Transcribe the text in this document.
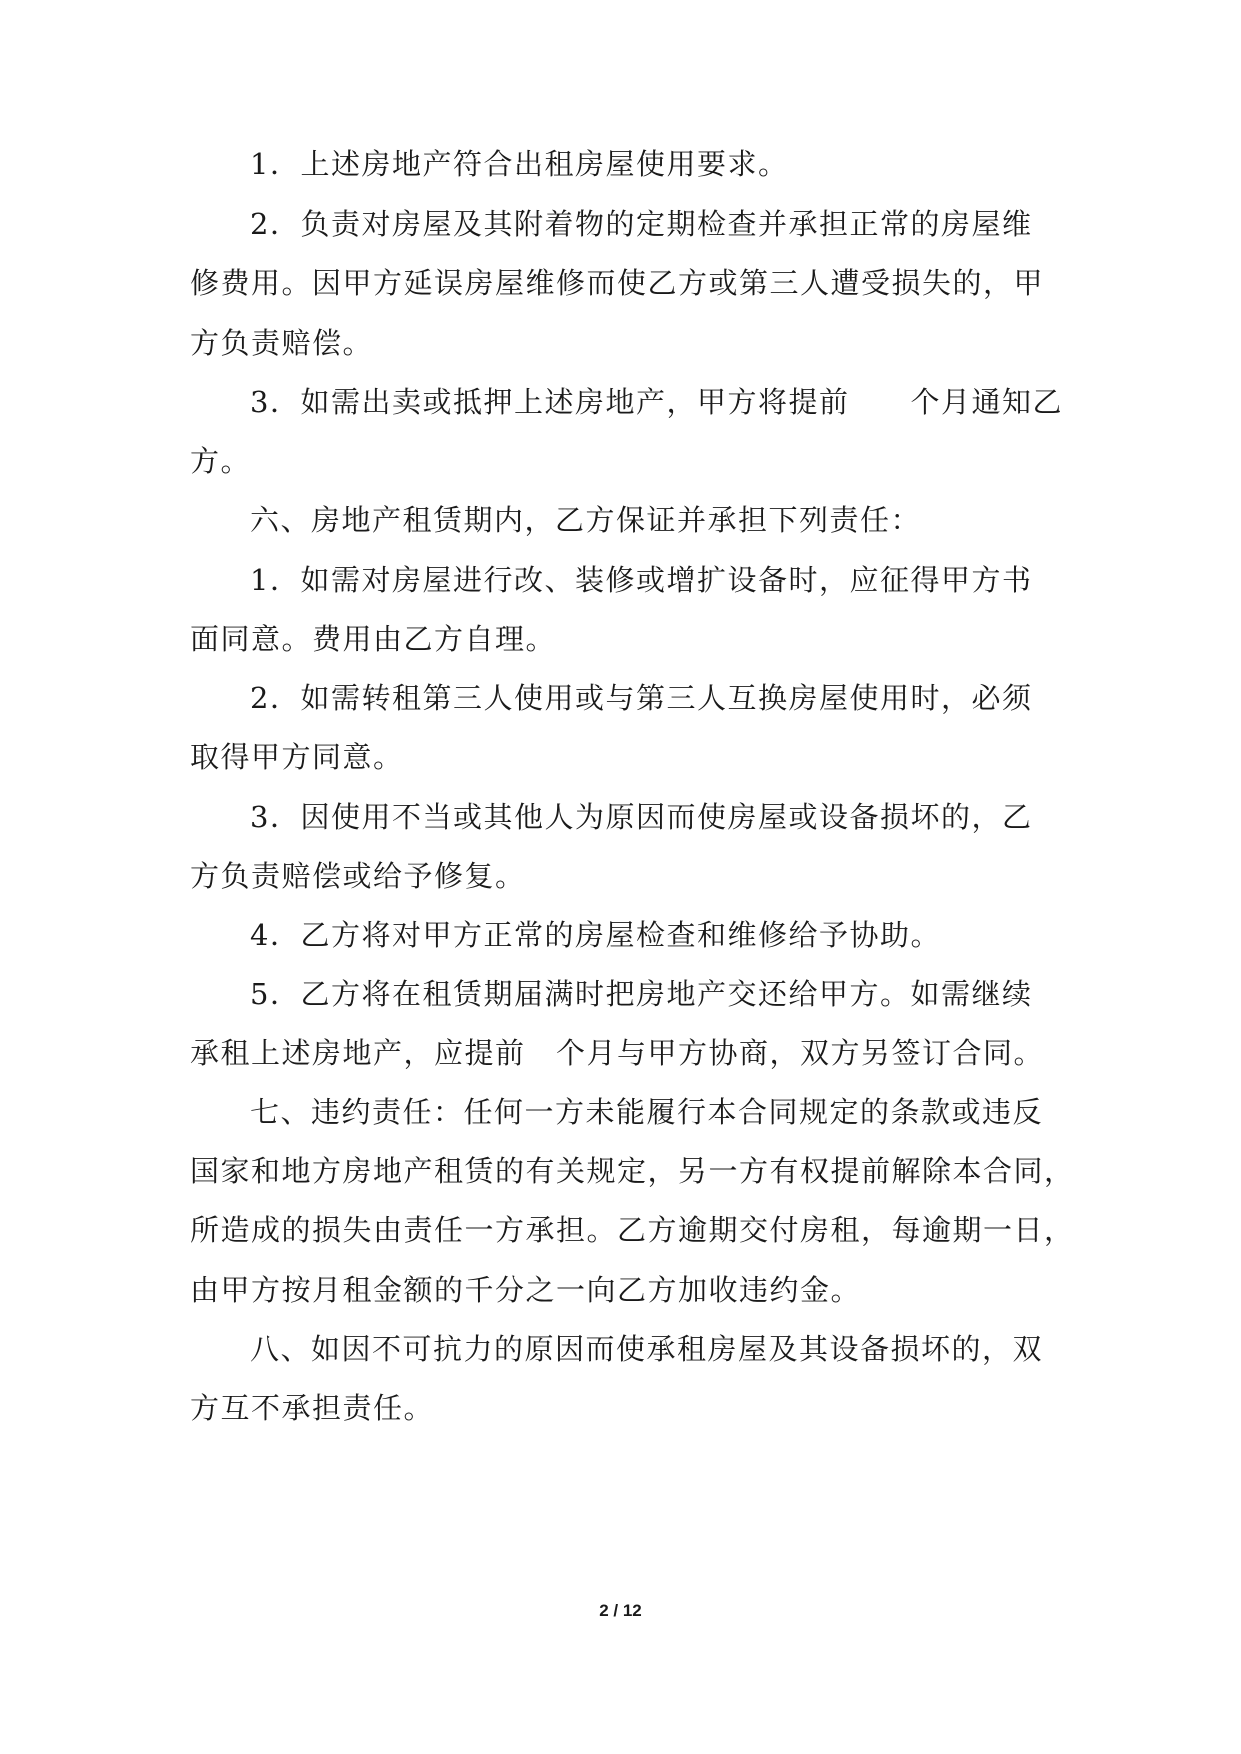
1．上述房地产符合出租房屋使用要求。
2．负责对房屋及其附着物的定期检查并承担正常的房屋维
修费用。因甲方延误房屋维修而使乙方或第三人遭受损失的，甲
方负责赔偿。
3．如需出卖或抵押上述房地产，甲方将提前　　个月通知乙
方。
六、房地产租赁期内，乙方保证并承担下列责任：
1．如需对房屋进行改、装修或增扩设备时，应征得甲方书
面同意。费用由乙方自理。
2．如需转租第三人使用或与第三人互换房屋使用时，必须
取得甲方同意。
3．因使用不当或其他人为原因而使房屋或设备损坏的，乙
方负责赔偿或给予修复。
4．乙方将对甲方正常的房屋检查和维修给予协助。
5．乙方将在租赁期届满时把房地产交还给甲方。如需继续
承租上述房地产，应提前　个月与甲方协商，双方另签订合同。
七、违约责任：任何一方未能履行本合同规定的条款或违反
国家和地方房地产租赁的有关规定，另一方有权提前解除本合同，
所造成的损失由责任一方承担。乙方逾期交付房租，每逾期一日，
由甲方按月租金额的千分之一向乙方加收违约金。
八、如因不可抗力的原因而使承租房屋及其设备损坏的，双
方互不承担责任。
2 / 12
